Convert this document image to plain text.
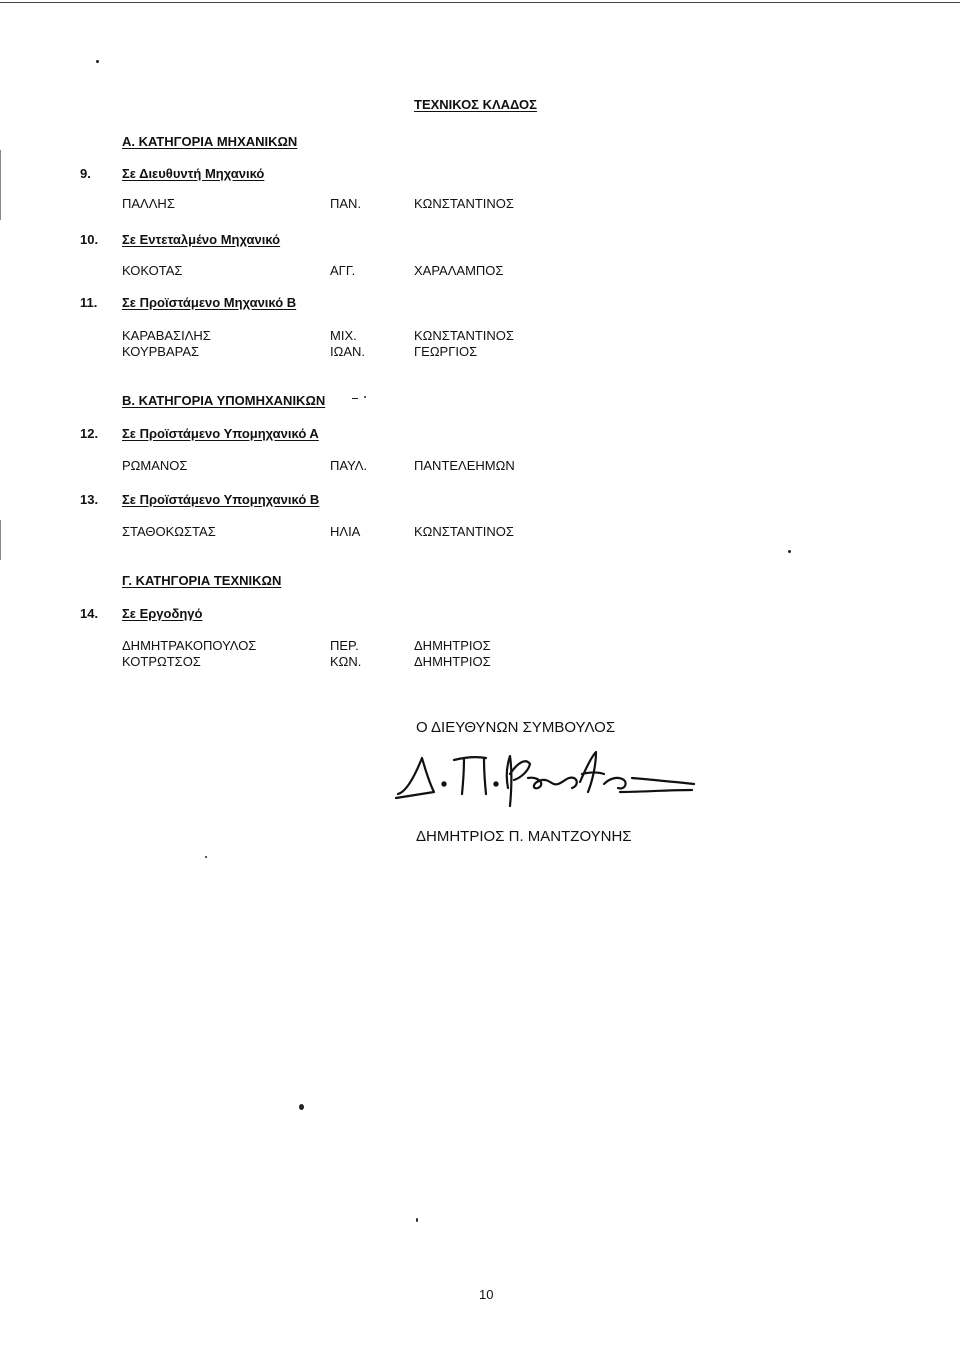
ΤΕΧΝΙΚΟΣ ΚΛΑΔΟΣ
Α. ΚΑΤΗΓΟΡΙΑ ΜΗΧΑΝΙΚΩΝ
9. Σε Διευθυντή Μηχανικό
ΠΑΛΛΗΣ	ΠΑΝ.	ΚΩΝΣΤΑΝΤΙΝΟΣ
10. Σε Εντεταλμένο Μηχανικό
ΚΟΚΟΤΑΣ	ΑΓΓ.	ΧΑΡΑΛΑΜΠΟΣ
11. Σε Προϊστάμενο Μηχανικό Β
ΚΑΡΑΒΑΣΙΛΗΣ	ΜΙΧ.	ΚΩΝΣΤΑΝΤΙΝΟΣ
ΚΟΥΡΒΑΡΑΣ	ΙΩΑΝ.	ΓΕΩΡΓΙΟΣ
Β. ΚΑΤΗΓΟΡΙΑ ΥΠΟΜΗΧΑΝΙΚΩΝ
12. Σε Προϊστάμενο Υπομηχανικό Α
ΡΩΜΑΝΟΣ	ΠΑΥΛ.	ΠΑΝΤΕΛΕΗΜΩΝ
13. Σε Προϊστάμενο Υπομηχανικό Β
ΣΤΑΘΟΚΩΣΤΑΣ	ΗΛΙΑ	ΚΩΝΣΤΑΝΤΙΝΟΣ
Γ. ΚΑΤΗΓΟΡΙΑ ΤΕΧΝΙΚΩΝ
14. Σε Εργοδηγό
ΔΗΜΗΤΡΑΚΟΠΟΥΛΟΣ	ΠΕΡ.	ΔΗΜΗΤΡΙΟΣ
ΚΟΤΡΩΤΣΟΣ	ΚΩΝ.	ΔΗΜΗΤΡΙΟΣ
Ο ΔΙΕΥΘΥΝΩΝ ΣΥΜΒΟΥΛΟΣ
ΔΗΜΗΤΡΙΟΣ Π. ΜΑΝΤΖΟΥΝΗΣ
10
